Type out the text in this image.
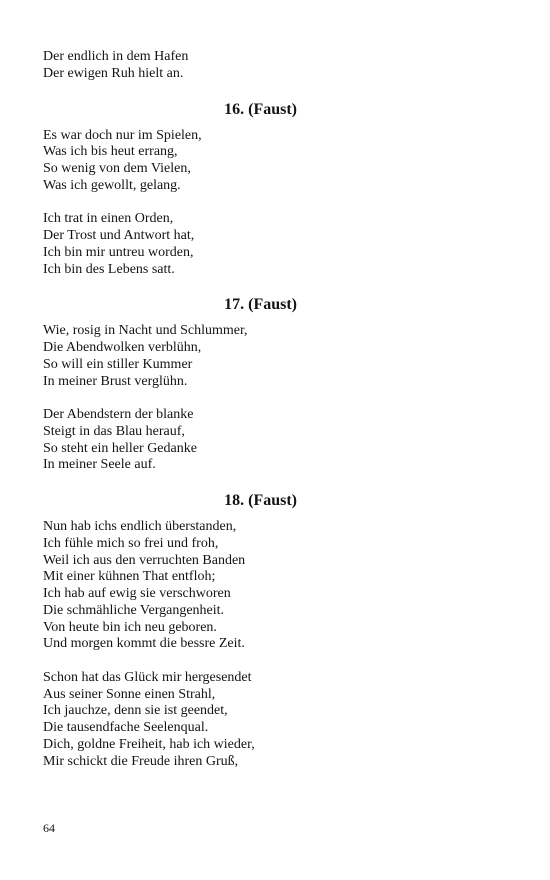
Der endlich in dem Hafen
Der ewigen Ruh hielt an.
16. (Faust)
Es war doch nur im Spielen,
Was ich bis heut errang,
So wenig von dem Vielen,
Was ich gewollt, gelang.
Ich trat in einen Orden,
Der Trost und Antwort hat,
Ich bin mir untreu worden,
Ich bin des Lebens satt.
17. (Faust)
Wie, rosig in Nacht und Schlummer,
Die Abendwolken verblühn,
So will ein stiller Kummer
In meiner Brust verglühn.
Der Abendstern der blanke
Steigt in das Blau herauf,
So steht ein heller Gedanke
In meiner Seele auf.
18. (Faust)
Nun hab ichs endlich überstanden,
Ich fühle mich so frei und froh,
Weil ich aus den verruchten Banden
Mit einer kühnen That entfloh;
Ich hab auf ewig sie verschworen
Die schmähliche Vergangenheit.
Von heute bin ich neu geboren.
Und morgen kommt die bessre Zeit.
Schon hat das Glück mir hergesendet
Aus seiner Sonne einen Strahl,
Ich jauchze, denn sie ist geendet,
Die tausendfache Seelenqual.
Dich, goldne Freiheit, hab ich wieder,
Mir schickt die Freude ihren Gruß,
64
